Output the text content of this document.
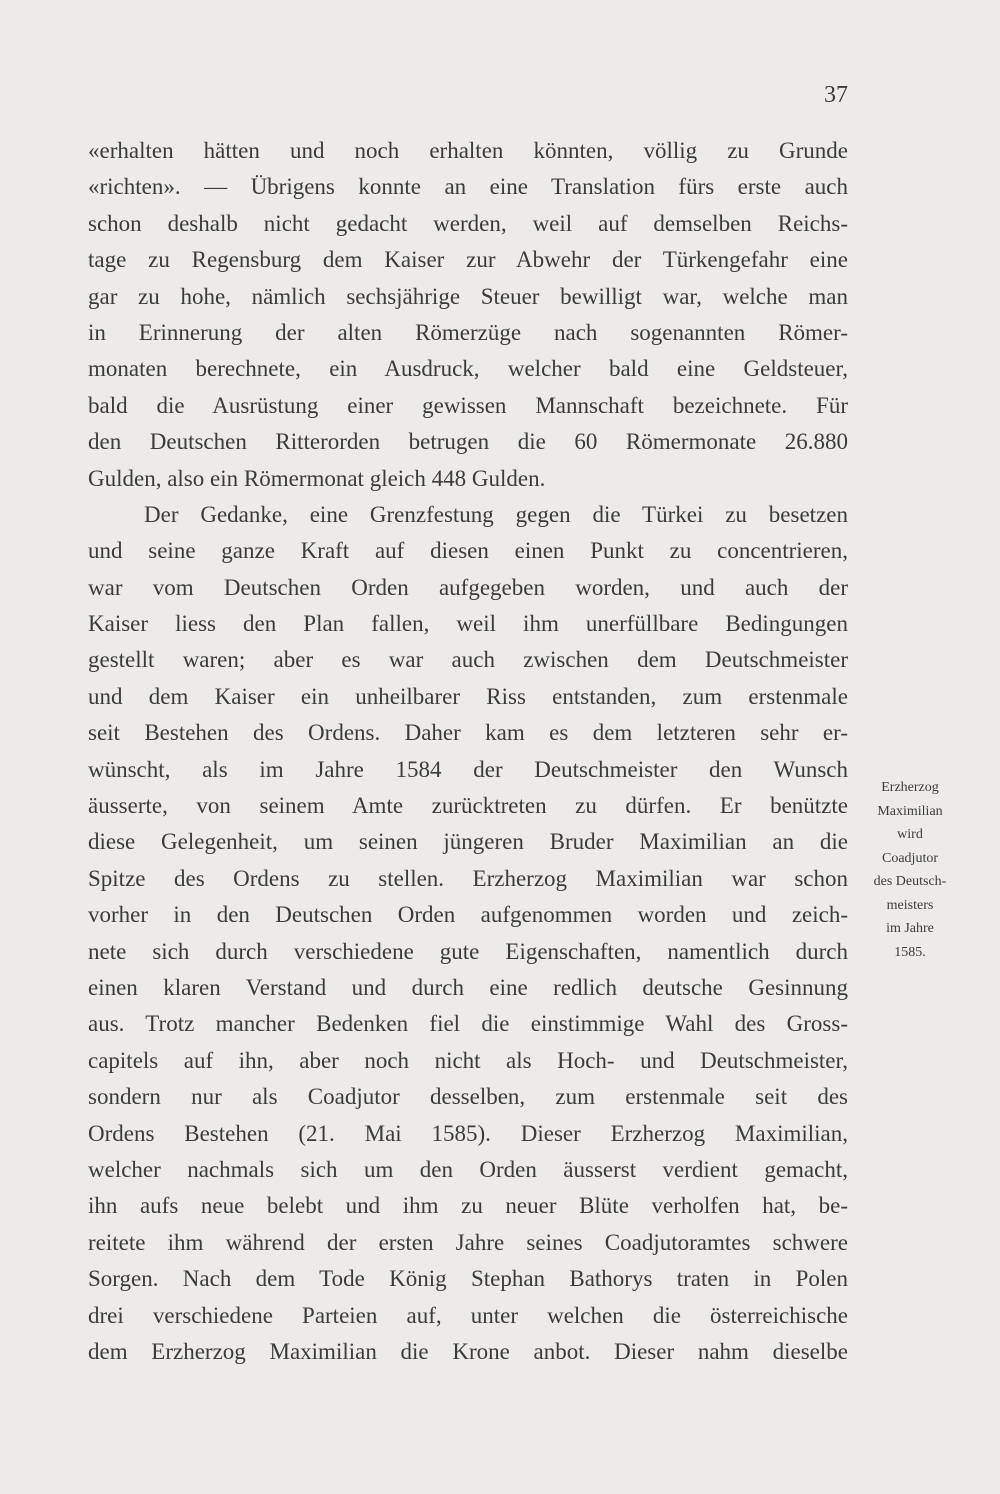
37
«erhalten hätten und noch erhalten könnten, völlig zu Grunde
«richten». — Übrigens konnte an eine Translation fürs erste auch
schon deshalb nicht gedacht werden, weil auf demselben Reichs-
tage zu Regensburg dem Kaiser zur Abwehr der Türkengefahr eine
gar zu hohe, nämlich sechsjährige Steuer bewilligt war, welche man
in Erinnerung der alten Römerzüge nach sogenannten Römer-
monaten berechnete, ein Ausdruck, welcher bald eine Geldsteuer,
bald die Ausrüstung einer gewissen Mannschaft bezeichnete. Für
den Deutschen Ritterorden betrugen die 60 Römermonate 26.880
Gulden, also ein Römermonat gleich 448 Gulden.
Der Gedanke, eine Grenzfestung gegen die Türkei zu besetzen
und seine ganze Kraft auf diesen einen Punkt zu concentrieren,
war vom Deutschen Orden aufgegeben worden, und auch der
Kaiser liess den Plan fallen, weil ihm unerfüllbare Bedingungen
gestellt waren; aber es war auch zwischen dem Deutschmeister
und dem Kaiser ein unheilbarer Riss entstanden, zum erstenmale
seit Bestehen des Ordens. Daher kam es dem letzteren sehr er-
wünscht, als im Jahre 1584 der Deutschmeister den Wunsch
äusserte, von seinem Amte zurücktreten zu dürfen. Er benützte
diese Gelegenheit, um seinen jüngeren Bruder Maximilian an die
Spitze des Ordens zu stellen. Erzherzog Maximilian war schon
vorher in den Deutschen Orden aufgenommen worden und zeich-
nete sich durch verschiedene gute Eigenschaften, namentlich durch
einen klaren Verstand und durch eine redlich deutsche Gesinnung
aus. Trotz mancher Bedenken fiel die einstimmige Wahl des Gross-
capitels auf ihn, aber noch nicht als Hoch- und Deutschmeister,
sondern nur als Coadjutor desselben, zum erstenmale seit des
Ordens Bestehen (21. Mai 1585). Dieser Erzherzog Maximilian,
welcher nachmals sich um den Orden äusserst verdient gemacht,
ihn aufs neue belebt und ihm zu neuer Blüte verholfen hat, be-
reitete ihm während der ersten Jahre seines Coadjutoramtes schwere
Sorgen. Nach dem Tode König Stephan Bathorys traten in Polen
drei verschiedene Parteien auf, unter welchen die österreichische
dem Erzherzog Maximilian die Krone anbot. Dieser nahm dieselbe
Erzherzog
Maximilian
wird
Coadjutor
des Deutsch-
meisters
im Jahre
1585.
